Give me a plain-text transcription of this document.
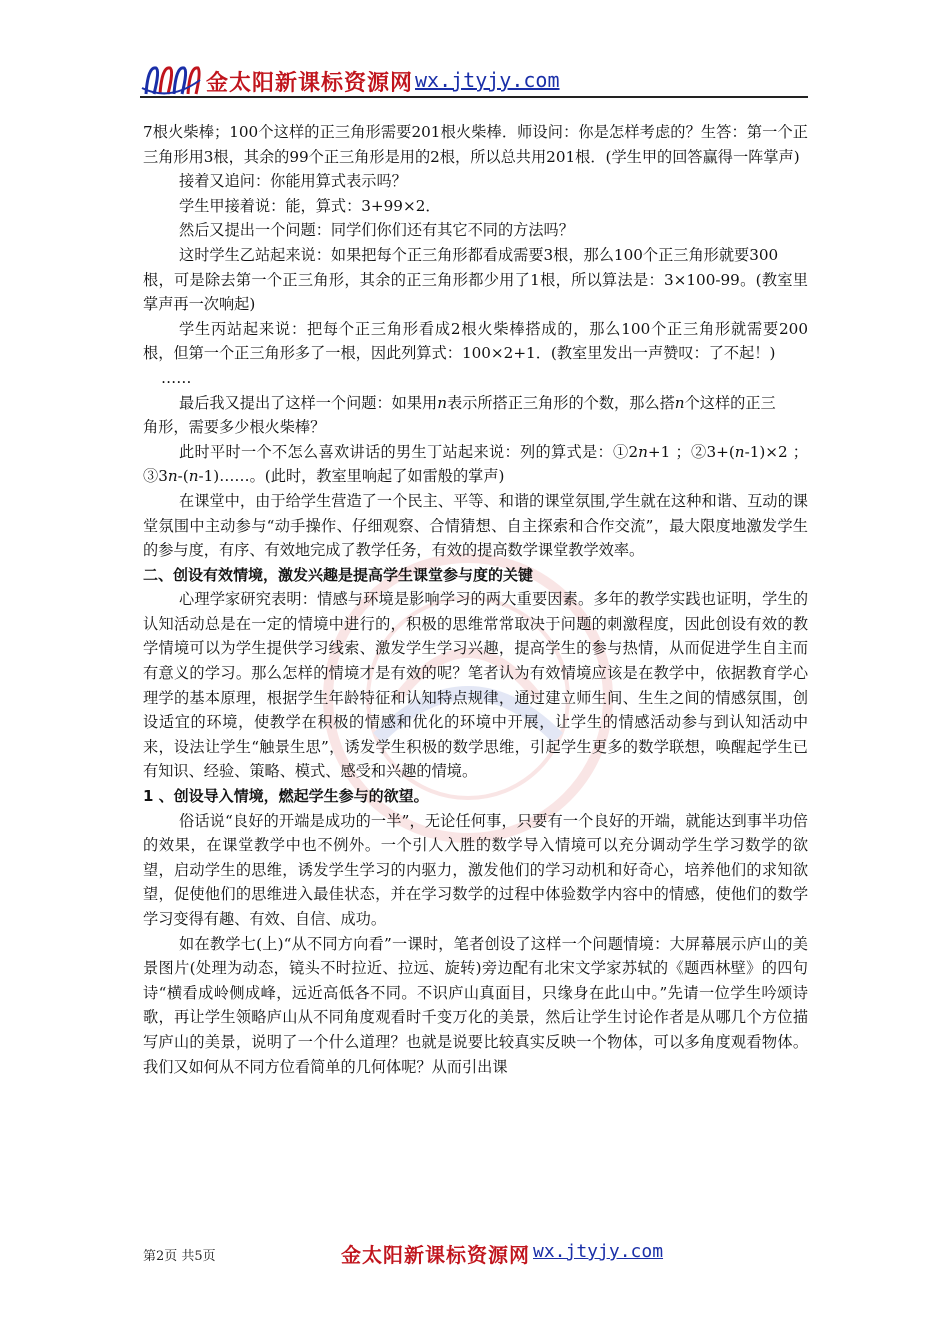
金太阳新课标资源网 wx.jtyjy.com

7根火柴棒；100个这样的正三角形需要201根火柴棒．师设问：你是怎样考虑的？生答：第一个正三角形用3根，其余的99个正三角形是用的2根，所以总共用201根．(学生甲的回答赢得一阵掌声)

接着又追问：你能用算式表示吗？

学生甲接着说：能，算式：3+99×2．

然后又提出一个问题：同学们你们还有其它不同的方法吗？

这时学生乙站起来说：如果把每个正三角形都看成需要3根，那么100个正三角形就要300

根，可是除去第一个正三角形，其余的正三角形都少用了1根，所以算法是：3×100-99。(教室里掌声再一次响起)

学生丙站起来说：把每个正三角形看成2根火柴棒搭成的，那么100个正三角形就需要200根，但第一个正三角形多了一根，因此列算式：100×2+1．(教室里发出一声赞叹：了不起！)

……

最后我又提出了这样一个问题：如果用n表示所搭正三角形的个数，那么搭n个这样的正三

角形，需要多少根火柴棒？

此时平时一个不怎么喜欢讲话的男生丁站起来说：列的算式是：①2n+1 ；②3+(n-1)×2 ；③3n-(n-1)……。(此时，教室里响起了如雷般的掌声)

在课堂中，由于给学生营造了一个民主、平等、和谐的课堂氛围,学生就在这种和谐、互动的课堂氛围中主动参与“动手操作、仔细观察、合情猜想、自主探索和合作交流”，最大限度地激发学生的参与度，有序、有效地完成了教学任务，有效的提高数学课堂教学效率。

二、创设有效情境，激发兴趣是提高学生课堂参与度的关键

心理学家研究表明：情感与环境是影响学习的两大重要因素。多年的教学实践也证明，学生的认知活动总是在一定的情境中进行的，积极的思维常常取决于问题的刺激程度，因此创设有效的教学情境可以为学生提供学习线索、激发学生学习兴趣，提高学生的参与热情，从而促进学生自主而有意义的学习。那么怎样的情境才是有效的呢？笔者认为有效情境应该是在教学中，依据教育学心理学的基本原理，根据学生年龄特征和认知特点规律，通过建立师生间、生生之间的情感氛围，创设适宜的环境，使教学在积极的情感和优化的环境中开展，让学生的情感活动参与到认知活动中来，设法让学生“触景生思”，诱发学生积极的数学思维，引起学生更多的数学联想，唤醒起学生已有知识、经验、策略、模式、感受和兴趣的情境。

1 、创设导入情境，燃起学生参与的欲望。

俗话说“良好的开端是成功的一半”，无论任何事，只要有一个良好的开端，就能达到事半功倍的效果，在课堂教学中也不例外。一个引人入胜的数学导入情境可以充分调动学生学习数学的欲望，启动学生的思维，诱发学生学习的内驱力，激发他们的学习动机和好奇心，培养他们的求知欲望，促使他们的思维进入最佳状态，并在学习数学的过程中体验数学内容中的情感，使他们的数学学习变得有趣、有效、自信、成功。

如在教学七(上)“从不同方向看”一课时，笔者创设了这样一个问题情境：大屏幕展示庐山的美景图片(处理为动态，镜头不时拉近、拉远、旋转)旁边配有北宋文学家苏轼的《题西林壁》的四句诗“横看成岭侧成峰，远近高低各不同。不识庐山真面目，只缘身在此山中。”先请一位学生吟颂诗歌，再让学生领略庐山从不同角度观看时千变万化的美景，然后让学生讨论作者是从哪几个方位描写庐山的美景，说明了一个什么道理？也就是说要比较真实反映一个物体，可以多角度观看物体。我们又如何从不同方位看简单的几何体呢？从而引出课

第2页 共5页	金太阳新课标资源网 wx.jtyjy.com
